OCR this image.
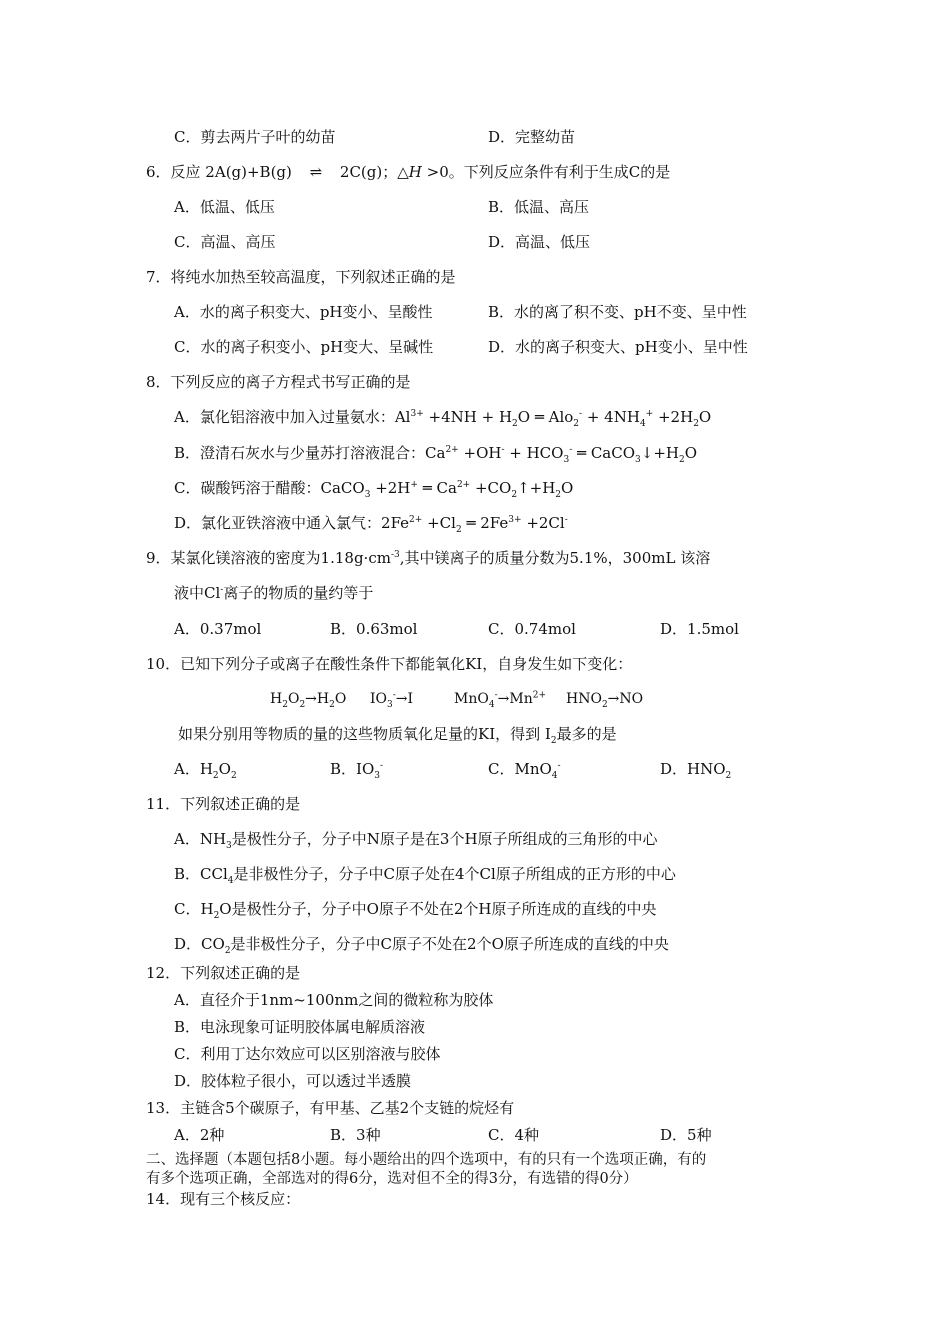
C．剪去两片子叶的幼苗	D．完整幼苗
6．反应 2A(g)+B(g) ⇌ 2C(g)；△H >0。下列反应条件有利于生成C的是
A．低温、低压	B．低温、高压
C．高温、高压	D．高温、低压
7．将纯水加热至较高温度，下列叙述正确的是
A．水的离子积变大、pH变小、呈酸性	B．水的离了积不变、pH不变、呈中性
C．水的离子积变小、pH变大、呈碱性	D．水的离子积变大、pH变小、呈中性
8．下列反应的离子方程式书写正确的是
A．氯化铝溶液中加入过量氨水：$Al^{3+} +4NH + H_2O$ ═ $Alo_2^- + 4NH_4^+ +2H_2O$
B．澄清石灰水与少量苏打溶液混合：$Ca^{2+} +OH^- + HCO_3^-$ ═ $CaCO_3↓+H_2O$
C．碳酸钙溶于醋酸：CaCO$_3$ +2H+ ═ $Ca^{2+}$ $+CO_2↑+H_2O$
D．氯化亚铁溶液中通入氯气：$2Fe^{2+} +Cl_2$ ═ $2Fe^{3+} +2Cl^-$
9．某氯化镁溶液的密度为$1.18g\cdot cm^{-3}$,其中镁离子的质量分数为5.1%，300mL 该溶
液中Cl-离子的物质的量约等于
A．0.37mol	B．0.63mol	C．0.74mol	D．1.5mol
10．已知下列分子或离子在酸性条件下都能氧化KI，自身发生如下变化：
$H_2O_2\to H_2O$ $IO_3^-\to I$	$MnO_4^-\to Mn^{2+}$ $HNO_2\to NO$
如果分别用等物质的量的这些物质氧化足量的KI，得到 $I_2$最多的是
A．$H_2O_2$	B．$IO_3^-$	C．MnO$_4$-	D．$HNO_2$
11．下列叙述正确的是
A．$NH_3$是极性分子，分子中N原子是在3个H原子所组成的三角形的中心
B．CCl$_4$是非极性分子，分子中C原子处在4个Cl原子所组成的正方形的中心
C．$H_2O$是极性分子，分子中O原子不处在2个H原子所连成的直线的中央
D．$CO_2$是非极性分子，分子中C原子不处在2个O原子所连成的直线的中央
12．下列叙述正确的是
A．直径介于1nm~100nm之间的微粒称为胶体
B．电泳现象可证明胶体属电解质溶液
C．利用丁达尔效应可以区别溶液与胶体
D．胶体粒子很小，可以透过半透膜
13．主链含5个碳原子，有甲基、乙基2个支链的烷烃有
A．2种	B．3种	C．4种	D．5种
二、选择题（本题包括8小题。每小题给出的四个选项中，有的只有一个选项正确，有的
有多个选项正确，全部选对的得6分，选对但不全的得3分，有选错的得0分）
14．现有三个核反应：
